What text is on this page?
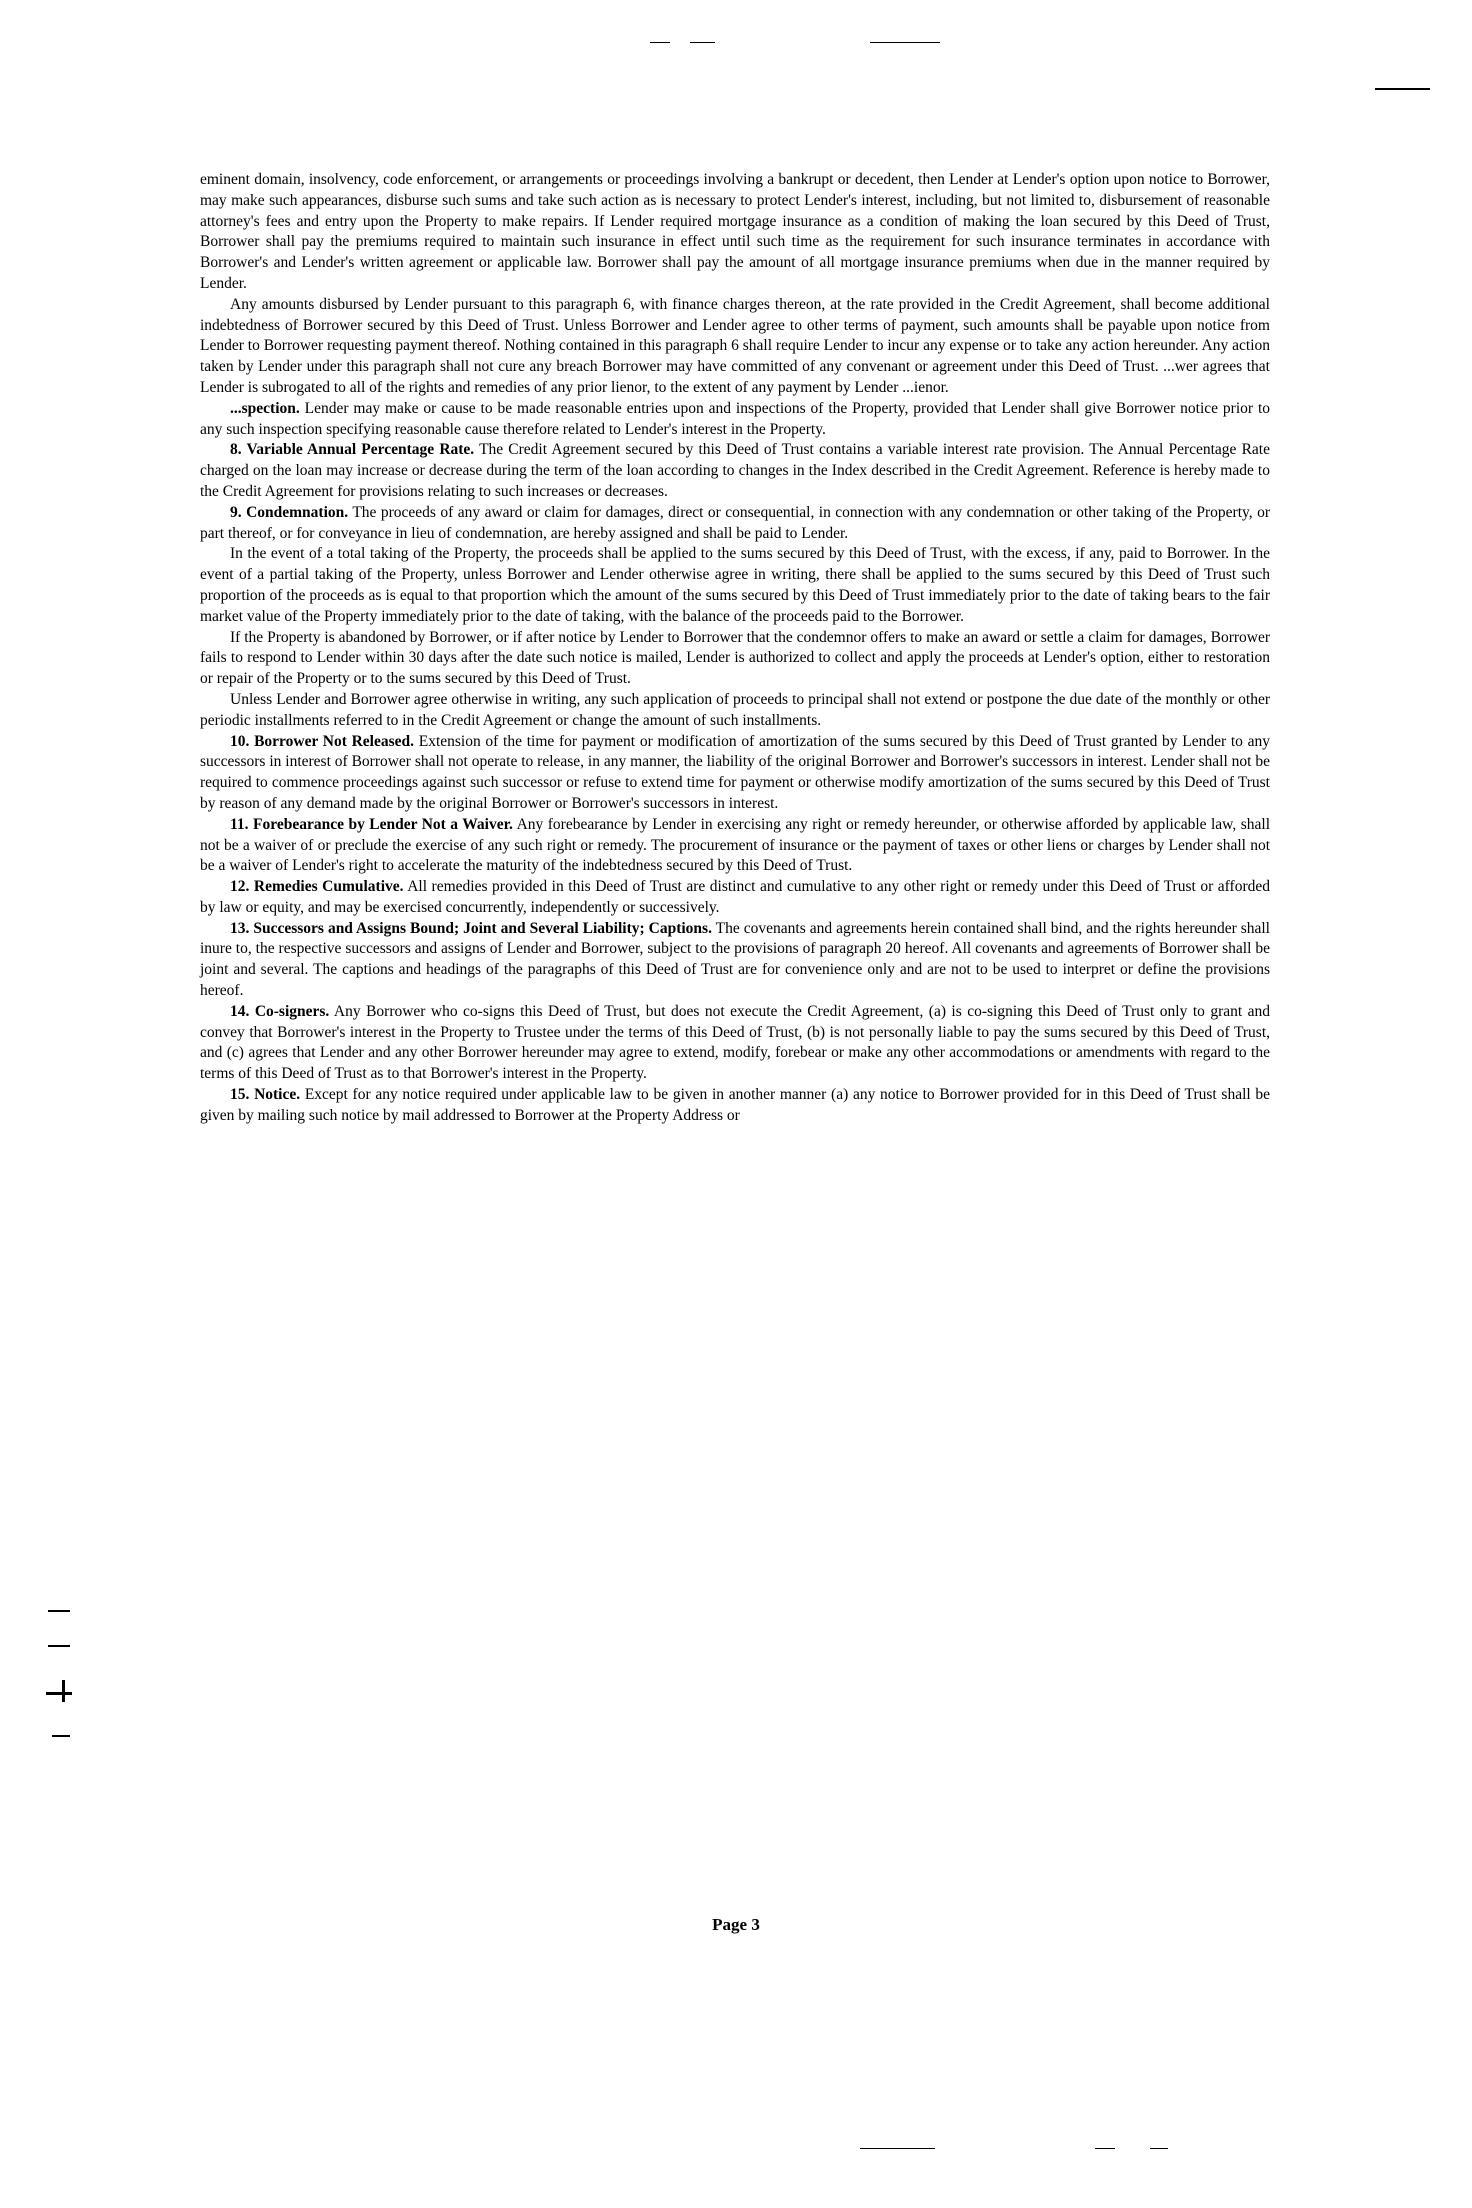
eminent domain, insolvency, code enforcement, or arrangements or proceedings involving a bankrupt or decedent, then Lender at Lender's option upon notice to Borrower, may make such appearances, disburse such sums and take such action as is necessary to protect Lender's interest, including, but not limited to, disbursement of reasonable attorney's fees and entry upon the Property to make repairs. If Lender required mortgage insurance as a condition of making the loan secured by this Deed of Trust, Borrower shall pay the premiums required to maintain such insurance in effect until such time as the requirement for such insurance terminates in accordance with Borrower's and Lender's written agreement or applicable law. Borrower shall pay the amount of all mortgage insurance premiums when due in the manner required by Lender.

Any amounts disbursed by Lender pursuant to this paragraph 6, with finance charges thereon, at the rate provided in the Credit Agreement, shall become additional indebtedness of Borrower secured by this Deed of Trust. Unless Borrower and Lender agree to other terms of payment, such amounts shall be payable upon notice from Lender to Borrower requesting payment thereof. Nothing contained in this paragraph 6 shall require Lender to incur any expense or to take any action hereunder. Any action taken by Lender under this paragraph shall not cure any breach Borrower may have committed of any convenant or agreement under this Deed of Trust. ...wer agrees that Lender is subrogated to all of the rights and remedies of any prior lienor, to the extent of any payment by Lender ...ienor.

...spection. Lender may make or cause to be made reasonable entries upon and inspections of the Property, provided that Lender shall give Borrower notice prior to any such inspection specifying reasonable cause therefore related to Lender's interest in the Property.

8. Variable Annual Percentage Rate. The Credit Agreement secured by this Deed of Trust contains a variable interest rate provision. The Annual Percentage Rate charged on the loan may increase or decrease during the term of the loan according to changes in the Index described in the Credit Agreement. Reference is hereby made to the Credit Agreement for provisions relating to such increases or decreases.

9. Condemnation. The proceeds of any award or claim for damages, direct or consequential, in connection with any condemnation or other taking of the Property, or part thereof, or for conveyance in lieu of condemnation, are hereby assigned and shall be paid to Lender.

In the event of a total taking of the Property, the proceeds shall be applied to the sums secured by this Deed of Trust, with the excess, if any, paid to Borrower. In the event of a partial taking of the Property, unless Borrower and Lender otherwise agree in writing, there shall be applied to the sums secured by this Deed of Trust such proportion of the proceeds as is equal to that proportion which the amount of the sums secured by this Deed of Trust immediately prior to the date of taking bears to the fair market value of the Property immediately prior to the date of taking, with the balance of the proceeds paid to the Borrower.

If the Property is abandoned by Borrower, or if after notice by Lender to Borrower that the condemnor offers to make an award or settle a claim for damages, Borrower fails to respond to Lender within 30 days after the date such notice is mailed, Lender is authorized to collect and apply the proceeds at Lender's option, either to restoration or repair of the Property or to the sums secured by this Deed of Trust.

Unless Lender and Borrower agree otherwise in writing, any such application of proceeds to principal shall not extend or postpone the due date of the monthly or other periodic installments referred to in the Credit Agreement or change the amount of such installments.

10. Borrower Not Released. Extension of the time for payment or modification of amortization of the sums secured by this Deed of Trust granted by Lender to any successors in interest of Borrower shall not operate to release, in any manner, the liability of the original Borrower and Borrower's successors in interest. Lender shall not be required to commence proceedings against such successor or refuse to extend time for payment or otherwise modify amortization of the sums secured by this Deed of Trust by reason of any demand made by the original Borrower or Borrower's successors in interest.

11. Forebearance by Lender Not a Waiver. Any forebearance by Lender in exercising any right or remedy hereunder, or otherwise afforded by applicable law, shall not be a waiver of or preclude the exercise of any such right or remedy. The procurement of insurance or the payment of taxes or other liens or charges by Lender shall not be a waiver of Lender's right to accelerate the maturity of the indebtedness secured by this Deed of Trust.

12. Remedies Cumulative. All remedies provided in this Deed of Trust are distinct and cumulative to any other right or remedy under this Deed of Trust or afforded by law or equity, and may be exercised concurrently, independently or successively.

13. Successors and Assigns Bound; Joint and Several Liability; Captions. The covenants and agreements herein contained shall bind, and the rights hereunder shall inure to, the respective successors and assigns of Lender and Borrower, subject to the provisions of paragraph 20 hereof. All covenants and agreements of Borrower shall be joint and several. The captions and headings of the paragraphs of this Deed of Trust are for convenience only and are not to be used to interpret or define the provisions hereof.

14. Co-signers. Any Borrower who co-signs this Deed of Trust, but does not execute the Credit Agreement, (a) is co-signing this Deed of Trust only to grant and convey that Borrower's interest in the Property to Trustee under the terms of this Deed of Trust, (b) is not personally liable to pay the sums secured by this Deed of Trust, and (c) agrees that Lender and any other Borrower hereunder may agree to extend, modify, forebear or make any other accommodations or amendments with regard to the terms of this Deed of Trust as to that Borrower's interest in the Property.

15. Notice. Except for any notice required under applicable law to be given in another manner (a) any notice to Borrower provided for in this Deed of Trust shall be given by mailing such notice by mail addressed to Borrower at the Property Address or

Page 3
